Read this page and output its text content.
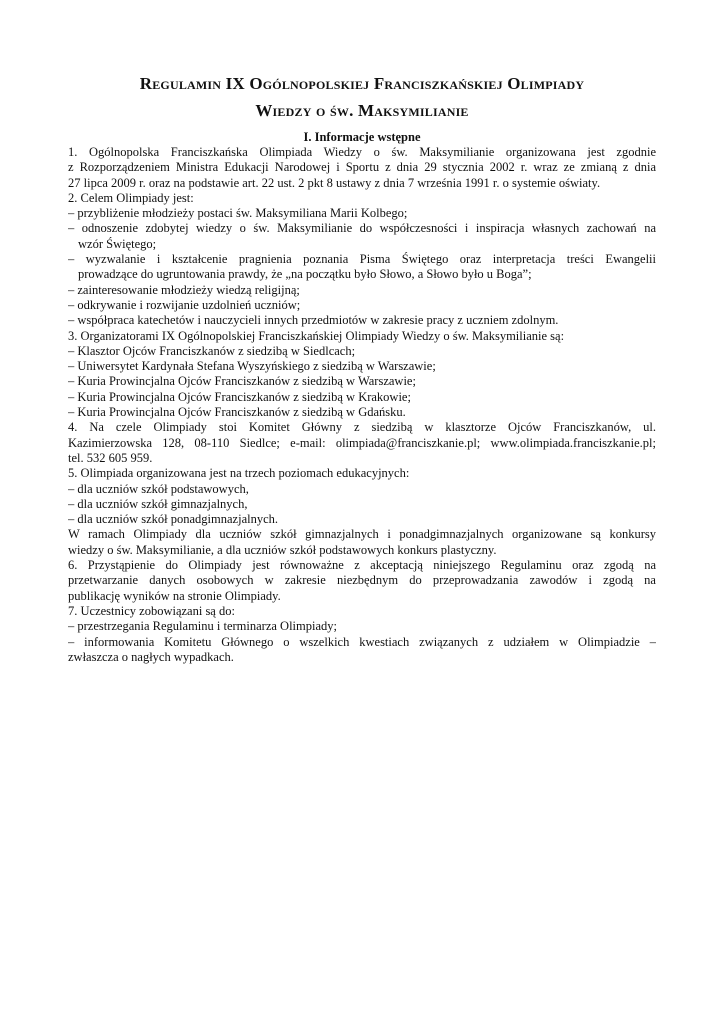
Regulamin IX Ogólnopolskiej Franciszkańskiej Olimpiady
Wiedzy o św. Maksymilianie
I. Informacje wstępne
1. Ogólnopolska Franciszkańska Olimpiada Wiedzy o św. Maksymilianie organizowana jest zgodnie
z Rozporządzeniem Ministra Edukacji Narodowej i Sportu z dnia 29 stycznia 2002 r. wraz ze zmianą z dnia
27 lipca 2009 r. oraz na podstawie art. 22 ust. 2 pkt 8 ustawy z dnia 7 września 1991 r. o systemie oświaty.
2. Celem Olimpiady jest:
– przybliżenie młodzieży postaci św. Maksymiliana Marii Kolbego;
– odnoszenie zdobytej wiedzy o św. Maksymilianie do współczesności i inspiracja własnych zachowań na
wzór Świętego;
– wyzwalanie i kształcenie pragnienia poznania Pisma Świętego oraz interpretacja treści Ewangelii
prowadzące do ugruntowania prawdy, że „na początku było Słowo, a Słowo było u Boga”;
– zainteresowanie młodzieży wiedzą religijną;
– odkrywanie i rozwijanie uzdolnień uczniów;
– współpraca katechetów i nauczycieli innych przedmiotów w zakresie pracy z uczniem zdolnym.
3. Organizatorami IX Ogólnopolskiej Franciszkańskiej Olimpiady Wiedzy o św. Maksymilianie są:
– Klasztor Ojców Franciszkanów z siedzibą w Siedlcach;
– Uniwersytet Kardynała Stefana Wyszyńskiego z siedzibą w Warszawie;
– Kuria Prowincjalna Ojców Franciszkanów z siedzibą w Warszawie;
– Kuria Prowincjalna Ojców Franciszkanów z siedzibą w Krakowie;
– Kuria Prowincjalna Ojców Franciszkanów z siedzibą w Gdańsku.
4. Na czele Olimpiady stoi Komitet Główny z siedzibą w klasztorze Ojców Franciszkanów, ul.
Kazimierzowska 128, 08-110 Siedlce; e-mail: olimpiada@franciszkanie.pl; www.olimpiada.franciszkanie.pl;
tel. 532 605 959.
5. Olimpiada organizowana jest na trzech poziomach edukacyjnych:
– dla uczniów szkół podstawowych,
– dla uczniów szkół gimnazjalnych,
– dla uczniów szkół ponadgimnazjalnych.
W ramach Olimpiady dla uczniów szkół gimnazjalnych i ponadgimnazjalnych organizowane są konkursy
wiedzy o św. Maksymilianie, a dla uczniów szkół podstawowych konkurs plastyczny.
6. Przystąpienie do Olimpiady jest równoważne z akceptacją niniejszego Regulaminu oraz zgodą na
przetwarzanie danych osobowych w zakresie niezbędnym do przeprowadzania zawodów i zgodą na
publikację wyników na stronie Olimpiady.
7. Uczestnicy zobowiązani są do:
– przestrzegania Regulaminu i terminarza Olimpiady;
– informowania Komitetu Głównego o wszelkich kwestiach związanych z udziałem w Olimpiadzie –
zwłaszcza o nagłych wypadkach.
